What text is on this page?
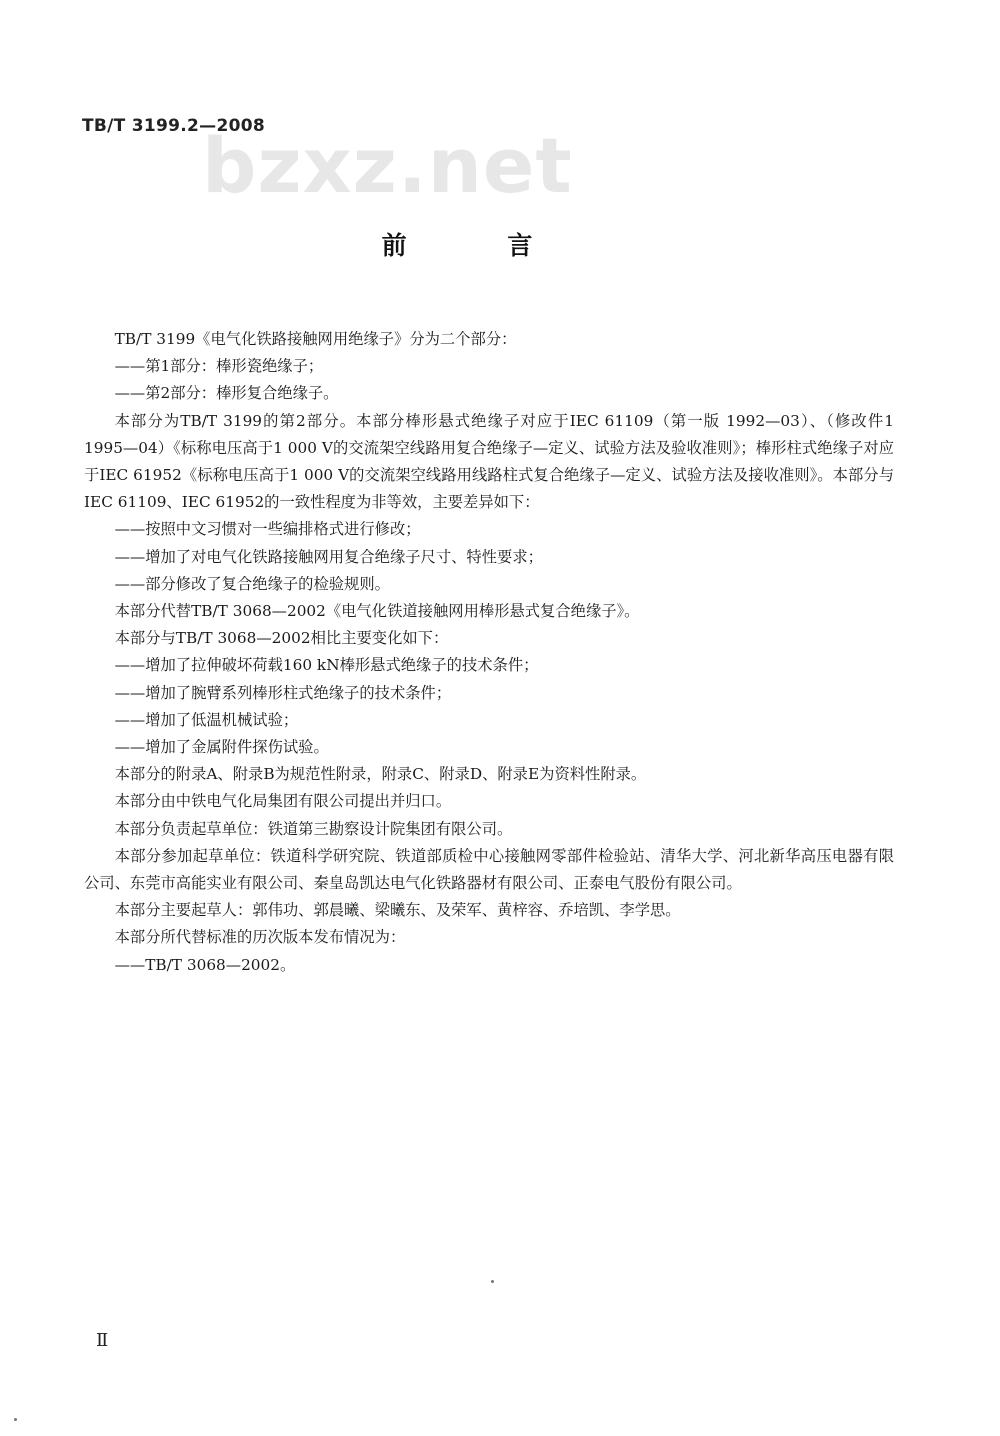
TB/T 3199.2—2008
bzxz.net
前 言

TB/T 3199《电气化铁路接触网用绝缘子》分为二个部分：

——第1部分：棒形瓷绝缘子；

——第2部分：棒形复合绝缘子。

本部分为TB/T 3199的第2部分。本部分棒形悬式绝缘子对应于IEC 61109（第一版 1992—03）、（修改件1　1995—04）《标称电压高于1 000 V的交流架空线路用复合绝缘子—定义、试验方法及验收准则》；棒形柱式绝缘子对应于IEC 61952《标称电压高于1 000 V的交流架空线路用线路柱式复合绝缘子—定义、试验方法及接收准则》。本部分与IEC 61109、IEC 61952的一致性程度为非等效，主要差异如下：

——按照中文习惯对一些编排格式进行修改；

——增加了对电气化铁路接触网用复合绝缘子尺寸、特性要求；

——部分修改了复合绝缘子的检验规则。

本部分代替TB/T 3068—2002《电气化铁道接触网用棒形悬式复合绝缘子》。

本部分与TB/T 3068—2002相比主要变化如下：

——增加了拉伸破坏荷载160 kN棒形悬式绝缘子的技术条件；

——增加了腕臂系列棒形柱式绝缘子的技术条件；

——增加了低温机械试验；

——增加了金属附件探伤试验。

本部分的附录A、附录B为规范性附录，附录C、附录D、附录E为资料性附录。

本部分由中铁电气化局集团有限公司提出并归口。

本部分负责起草单位：铁道第三勘察设计院集团有限公司。

本部分参加起草单位：铁道科学研究院、铁道部质检中心接触网零部件检验站、清华大学、河北新华高压电器有限公司、东莞市高能实业有限公司、秦皇岛凯达电气化铁路器材有限公司、正泰电气股份有限公司。

本部分主要起草人：郭伟功、郭晨曦、梁曦东、及荣军、黄梓容、乔培凯、李学思。

本部分所代替标准的历次版本发布情况为：

——TB/T 3068—2002。

Ⅱ
